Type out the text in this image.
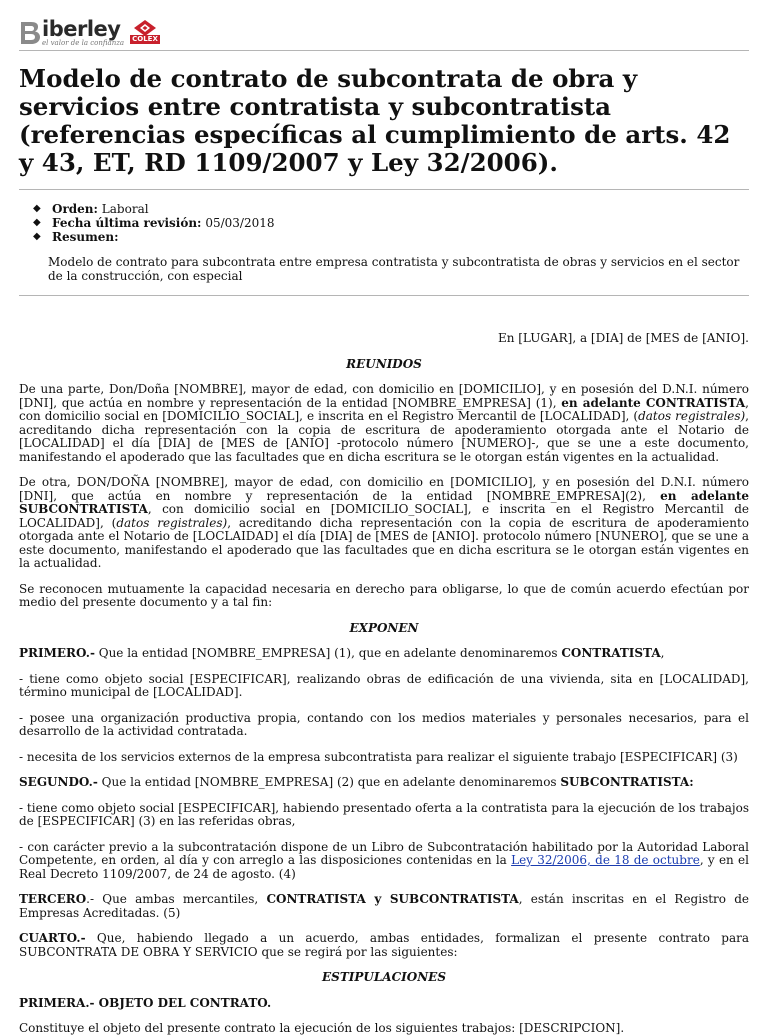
iberley
el valor de la confianza COLEX
Modelo de contrato de subcontrata de obra y servicios entre contratista y subcontratista (referencias específicas al cumplimiento de arts. 42 y 43, ET, RD 1109/2007 y Ley 32/2006).
◆ Orden: Laboral
◆ Fecha última revisión: 05/03/2018
◆ Resumen:
Modelo de contrato para subcontrata entre empresa contratista y subcontratista de obras y servicios en el sector de la construcción, con especial

En [LUGAR], a [DIA] de [MES de [ANIO].

REUNIDOS

De una parte, Don/Doña [NOMBRE], mayor de edad, con domicilio en [DOMICILIO], y en posesión del D.N.I. número [DNI], que actúa en nombre y representación de la entidad [NOMBRE_EMPRESA] (1), en adelante CONTRATISTA, con domicilio social en [DOMICILIO_SOCIAL], e inscrita en el Registro Mercantil de [LOCALIDAD], (datos registrales), acreditando dicha representación con la copia de escritura de apoderamiento otorgada ante el Notario de [LOCALIDAD] el día [DIA] de [MES de [ANIO] -protocolo número [NUMERO]-, que se une a este documento, manifestando el apoderado que las facultades que en dicha escritura se le otorgan están vigentes en la actualidad.

De otra, DON/DOÑA [NOMBRE], mayor de edad, con domicilio en [DOMICILIO], y en posesión del D.N.I. número [DNI], que actúa en nombre y representación de la entidad [NOMBRE_EMPRESA](2), en adelante SUBCONTRATISTA, con domicilio social en [DOMICILIO_SOCIAL], e inscrita en el Registro Mercantil de LOCALIDAD], (datos registrales), acreditando dicha representación con la copia de escritura de apoderamiento otorgada ante el Notario de [LOCLAIDAD] el día [DIA] de [MES de [ANIO]. protocolo número [NUNERO], que se une a este documento, manifestando el apoderado que las facultades que en dicha escritura se le otorgan están vigentes en la actualidad.

Se reconocen mutuamente la capacidad necesaria en derecho para obligarse, lo que de común acuerdo efectúan por medio del presente documento y a tal fin:

EXPONEN

PRIMERO.- Que la entidad [NOMBRE_EMPRESA] (1), que en adelante denominaremos CONTRATISTA,

- tiene como objeto social [ESPECIFICAR], realizando obras de edificación de una vivienda, sita en [LOCALIDAD], término municipal de [LOCALIDAD].

- posee una organización productiva propia, contando con los medios materiales y personales necesarios, para el desarrollo de la actividad contratada.

- necesita de los servicios externos de la empresa subcontratista para realizar el siguiente trabajo [ESPECIFICAR] (3)

SEGUNDO.- Que la entidad [NOMBRE_EMPRESA] (2) que en adelante denominaremos SUBCONTRATISTA:

- tiene como objeto social [ESPECIFICAR], habiendo presentado oferta a la contratista para la ejecución de los trabajos de [ESPECIFICAR] (3) en las referidas obras,

- con carácter previo a la subcontratación dispone de un Libro de Subcontratación habilitado por la Autoridad Laboral Competente, en orden, al día y con arreglo a las disposiciones contenidas en la Ley 32/2006, de 18 de octubre, y en el Real Decreto 1109/2007, de 24 de agosto. (4)

TERCERO.- Que ambas mercantiles, CONTRATISTA y SUBCONTRATISTA, están inscritas en el Registro de Empresas Acreditadas. (5)

CUARTO.- Que, habiendo llegado a un acuerdo, ambas entidades, formalizan el presente contrato para SUBCONTRATA DE OBRA Y SERVICIO que se regirá por las siguientes:

ESTIPULACIONES

PRIMERA.- OBJETO DEL CONTRATO.

Constituye el objeto del presente contrato la ejecución de los siguientes trabajos: [DESCRIPCION].
